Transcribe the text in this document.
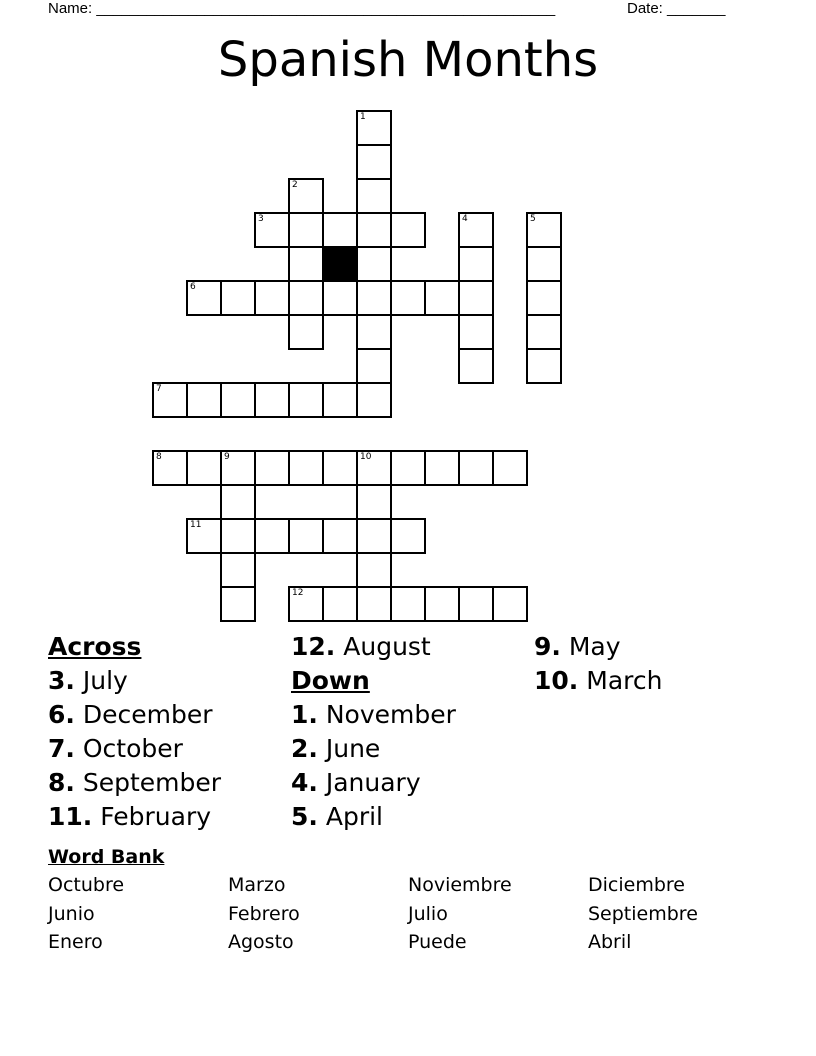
Name: _______________________________________________________	Date: _______
Spanish Months
1
2
3	4	5
6
7
8	9	10
11
12
Across
3. July
6. December
7. October
8. September
11. February
12. August
Down
1. November
2. June
4. January
5. April
9. May
10. March
Word Bank
Octubre	Marzo	Noviembre	Diciembre
Junio	Febrero	Julio	Septiembre
Enero	Agosto	Puede	Abril
